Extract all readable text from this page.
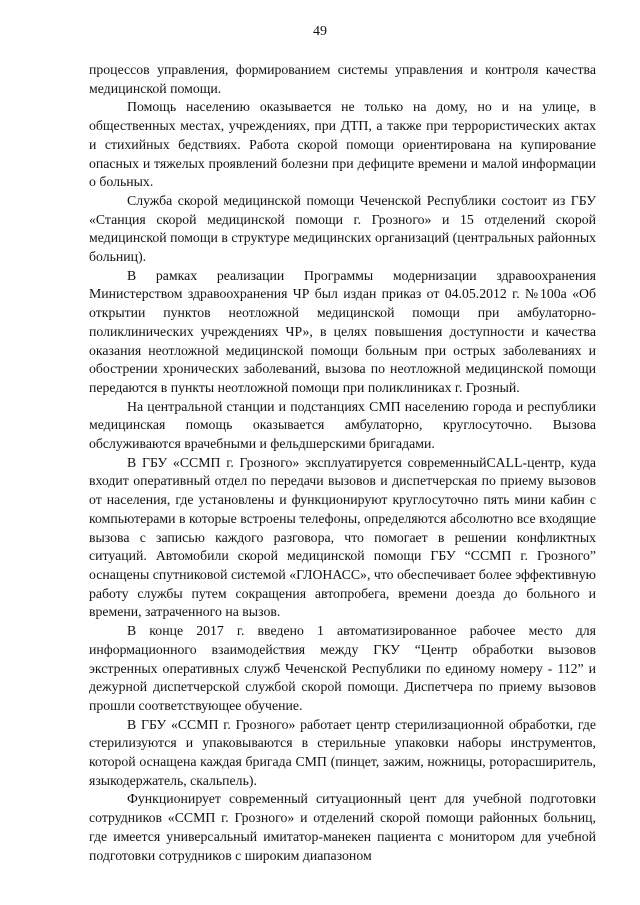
49

процессов управления, формированием системы управления и контроля качества медицинской помощи.

Помощь населению оказывается не только на дому, но и на улице, в общественных местах, учреждениях, при ДТП, а также при террористических актах и стихийных бедствиях. Работа скорой помощи ориентирована на купирование опасных и тяжелых проявлений болезни при дефиците времени и малой информации о больных.

Служба скорой медицинской помощи Чеченской Республики состоит из ГБУ «Станция скорой медицинской помощи г. Грозного» и 15 отделений скорой медицинской помощи в структуре медицинских организаций (центральных районных больниц).

В рамках реализации Программы модернизации здравоохранения Министерством здравоохранения ЧР был издан приказ от 04.05.2012 г. №100а «Об открытии пунктов неотложной медицинской помощи при амбулаторно-поликлинических учреждениях ЧР», в целях повышения доступности и качества оказания неотложной медицинской помощи больным при острых заболеваниях и обострении хронических заболеваний, вызова по неотложной медицинской помощи передаются в пункты неотложной помощи при поликлиниках г. Грозный.

На центральной станции и подстанциях СМП населению города и республики медицинская помощь оказывается амбулаторно, круглосуточно. Вызова обслуживаются врачебными и фельдшерскими бригадами.

В ГБУ «ССМП г. Грозного» эксплуатируется современныйCALL-центр, куда входит оперативный отдел по передачи вызовов и диспетчерская по приему вызовов от населения, где установлены и функционируют круглосуточно пять мини кабин с компьютерами в которые встроены телефоны, определяются абсолютно все входящие вызова с записью каждого разговора, что помогает в решении конфликтных ситуаций. Автомобили скорой медицинской помощи ГБУ “ССМП г. Грозного” оснащены спутниковой системой «ГЛОНАСС», что обеспечивает более эффективную работу службы путем сокращения автопробега, времени доезда до больного и времени, затраченного на вызов.

В конце 2017 г. введено 1 автоматизированное рабочее место для информационного взаимодействия между ГКУ “Центр обработки вызовов экстренных оперативных служб Чеченской Республики по единому номеру - 112” и дежурной диспетчерской службой скорой помощи. Диспетчера по приему вызовов прошли соответствующее обучение.

В ГБУ «ССМП г. Грозного» работает центр стерилизационной обработки, где стерилизуются и упаковываются в стерильные упаковки наборы инструментов, которой оснащена каждая бригада СМП (пинцет, зажим, ножницы, роторасширитель, языкодержатель, скальпель).

Функционирует современный ситуационный цент для учебной подготовки сотрудников «ССМП г. Грозного» и отделений скорой помощи районных больниц, где имеется универсальный имитатор-манекен пациента с монитором для учебной подготовки сотрудников с широким диапазоном
